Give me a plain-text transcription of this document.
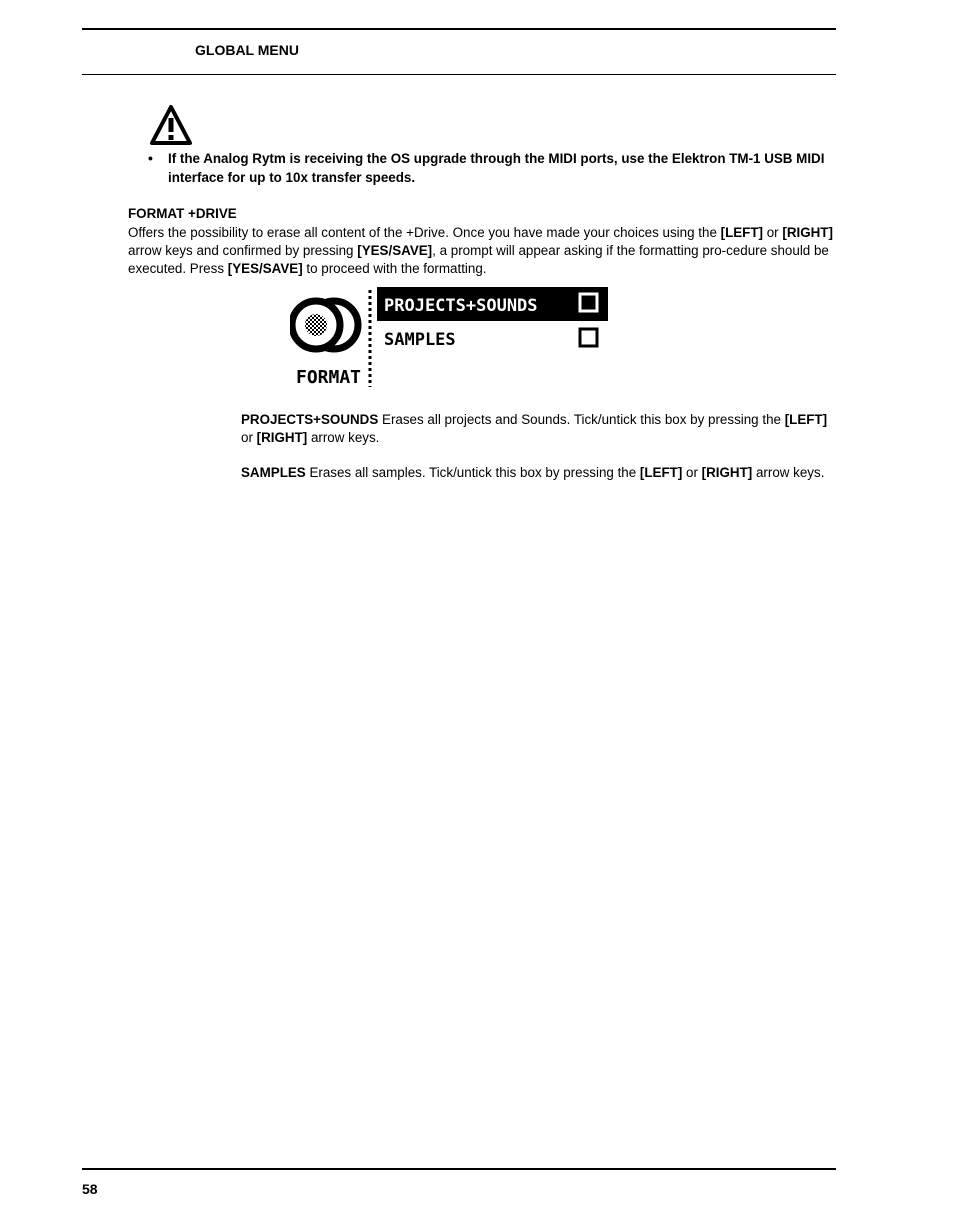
GLOBAL MENU
• If the Analog Rytm is receiving the OS upgrade through the MIDI ports, use the Elektron TM-1 USB MIDI interface for up to 10x transfer speeds.
FORMAT +DRIVE
Offers the possibility to erase all content of the +Drive. Once you have made your choices using the [LEFT] or [RIGHT] arrow keys and confirmed by pressing [YES/SAVE], a prompt will appear asking if the formatting pro-cedure should be executed. Press [YES/SAVE] to proceed with the formatting.
FORMAT
PROJECTS+SOUNDS
SAMPLES
PROJECTS+SOUNDS Erases all projects and Sounds. Tick/untick this box by pressing the [LEFT] or [RIGHT] arrow keys.
SAMPLES Erases all samples. Tick/untick this box by pressing the [LEFT] or [RIGHT] arrow keys.
58
